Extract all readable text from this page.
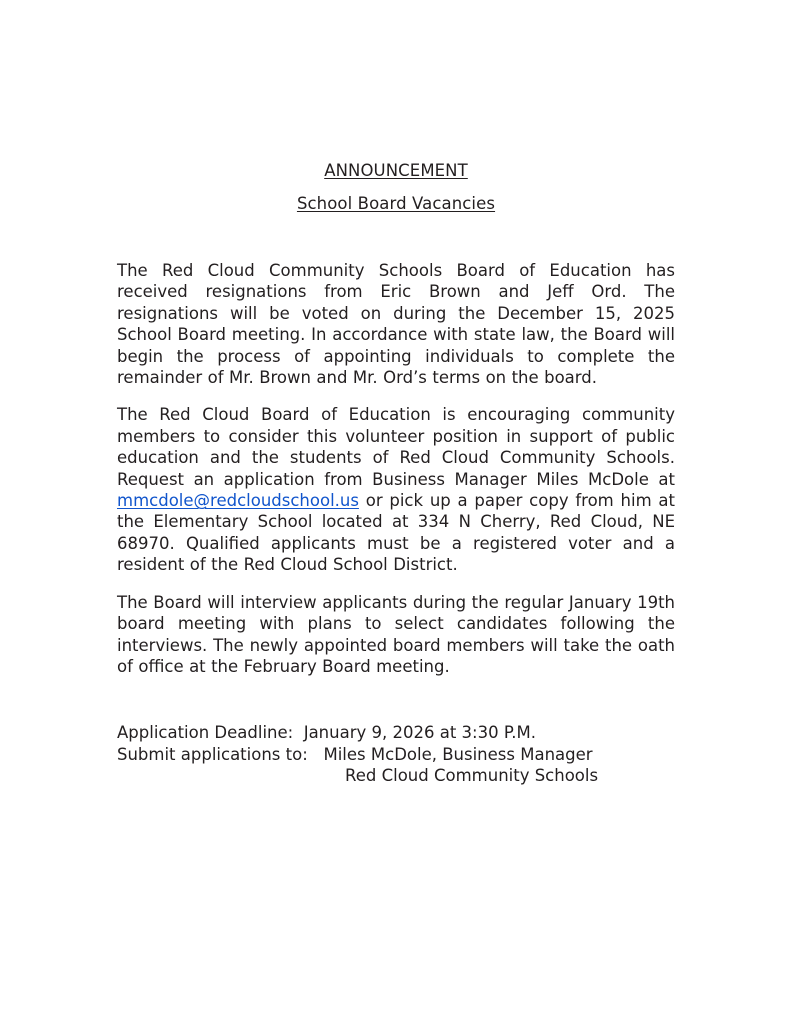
ANNOUNCEMENT
School Board Vacancies

The Red Cloud Community Schools Board of Education has received resignations from Eric Brown and Jeff Ord. The resignations will be voted on during the December 15, 2025 School Board meeting. In accordance with state law, the Board will begin the process of appointing individuals to complete the remainder of Mr. Brown and Mr. Ord’s terms on the board.

The Red Cloud Board of Education is encouraging community members to consider this volunteer position in support of public education and the students of Red Cloud Community Schools. Request an application from Business Manager Miles McDole at mmcdole@redcloudschool.us or pick up a paper copy from him at the Elementary School located at 334 N Cherry, Red Cloud, NE 68970. Qualified applicants must be a registered voter and a resident of the Red Cloud School District.

The Board will interview applicants during the regular January 19th board meeting with plans to select candidates following the interviews. The newly appointed board members will take the oath of office at the February Board meeting.

Application Deadline:  January 9, 2026 at 3:30 P.M.
Submit applications to:   Miles McDole, Business Manager
Red Cloud Community Schools
